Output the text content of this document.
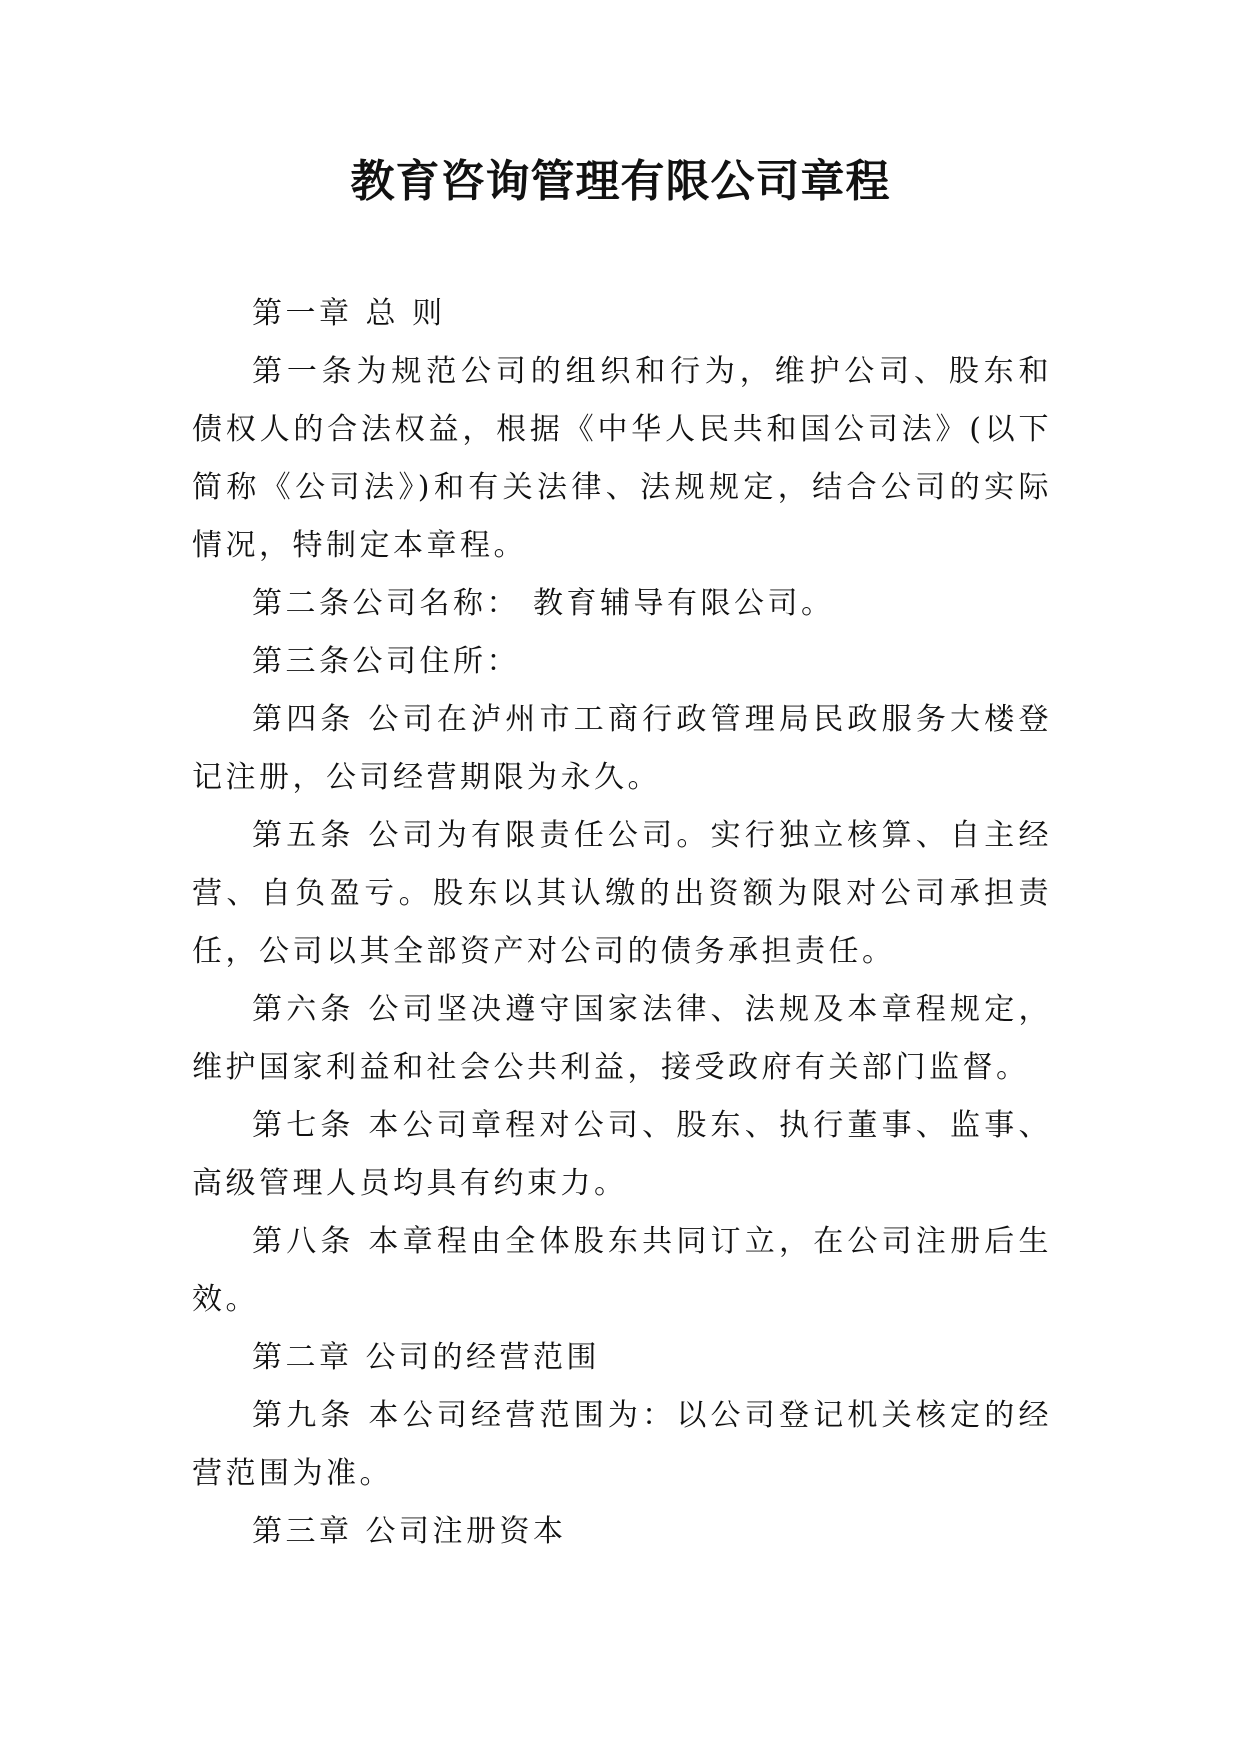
教育咨询管理有限公司章程

第一章 总 则

第一条为规范公司的组织和行为，维护公司、股东和债权人的合法权益，根据《中华人民共和国公司法》(以下简称《公司法》)和有关法律、法规规定，结合公司的实际情况，特制定本章程。

第二条公司名称： 教育辅导有限公司。

第三条公司住所：

第四条 公司在泸州市工商行政管理局民政服务大楼登记注册，公司经营期限为永久。

第五条 公司为有限责任公司。实行独立核算、自主经营、自负盈亏。股东以其认缴的出资额为限对公司承担责任，公司以其全部资产对公司的债务承担责任。

第六条 公司坚决遵守国家法律、法规及本章程规定，维护国家利益和社会公共利益，接受政府有关部门监督。

第七条 本公司章程对公司、股东、执行董事、监事、高级管理人员均具有约束力。

第八条 本章程由全体股东共同订立，在公司注册后生效。

第二章 公司的经营范围

第九条 本公司经营范围为：以公司登记机关核定的经营范围为准。

第三章 公司注册资本
